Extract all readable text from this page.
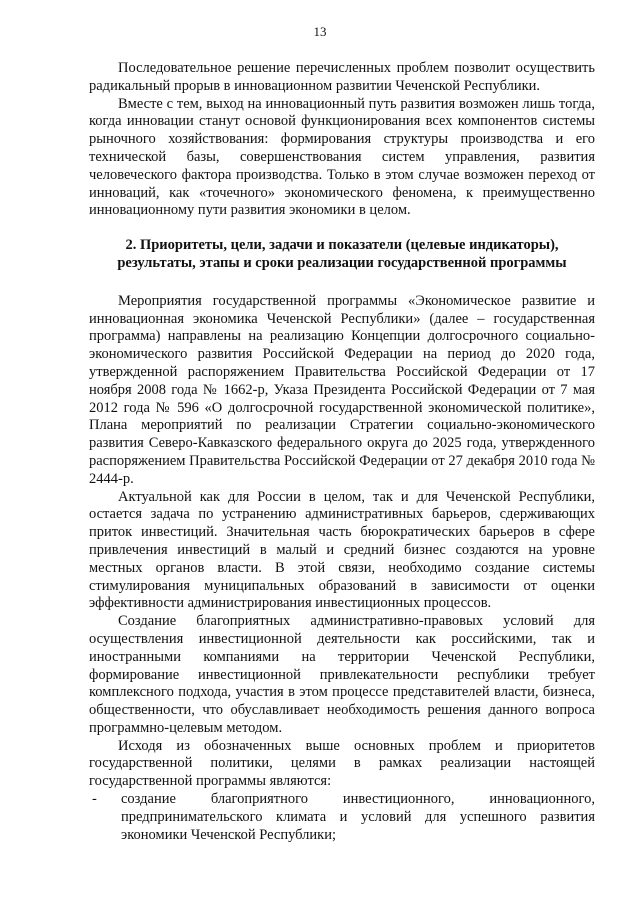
13

Последовательное решение перечисленных проблем позволит осуществить радикальный прорыв в инновационном развитии Чеченской Республики.

Вместе с тем, выход на инновационный путь развития возможен лишь тогда, когда инновации станут основой функционирования всех компонентов системы рыночного хозяйствования: формирования структуры производства и его технической базы, совершенствования систем управления, развития человеческого фактора производства. Только в этом случае возможен переход от инноваций, как «точечного» экономического феномена, к преимущественно инновационному пути развития экономики в целом.

2. Приоритеты, цели, задачи и показатели (целевые индикаторы), результаты, этапы и сроки реализации государственной программы

Мероприятия государственной программы «Экономическое развитие и инновационная экономика Чеченской Республики» (далее – государственная программа) направлены на реализацию Концепции долгосрочного социально-экономического развития Российской Федерации на период до 2020 года, утвержденной распоряжением Правительства Российской Федерации от 17 ноября 2008 года № 1662-р, Указа Президента Российской Федерации от 7 мая 2012 года № 596 «О долгосрочной государственной экономической политике», Плана мероприятий по реализации Стратегии социально-экономического развития Северо-Кавказского федерального округа до 2025 года, утвержденного распоряжением Правительства Российской Федерации от 27 декабря 2010 года № 2444-р.

Актуальной как для России в целом, так и для Чеченской Республики, остается задача по устранению административных барьеров, сдерживающих приток инвестиций. Значительная часть бюрократических барьеров в сфере привлечения инвестиций в малый и средний бизнес создаются на уровне местных органов власти. В этой связи, необходимо создание системы стимулирования муниципальных образований в зависимости от оценки эффективности администрирования инвестиционных процессов.

Создание благоприятных административно-правовых условий для осуществления инвестиционной деятельности как российскими, так и иностранными компаниями на территории Чеченской Республики, формирование инвестиционной привлекательности республики требует комплексного подхода, участия в этом процессе представителей власти, бизнеса, общественности, что обуславливает необходимость решения данного вопроса программно-целевым методом.

Исходя из обозначенных выше основных проблем и приоритетов государственной политики, целями в рамках реализации настоящей государственной программы являются:

-	создание благоприятного инвестиционного, инновационного, предпринимательского климата и условий для успешного развития экономики Чеченской Республики;
